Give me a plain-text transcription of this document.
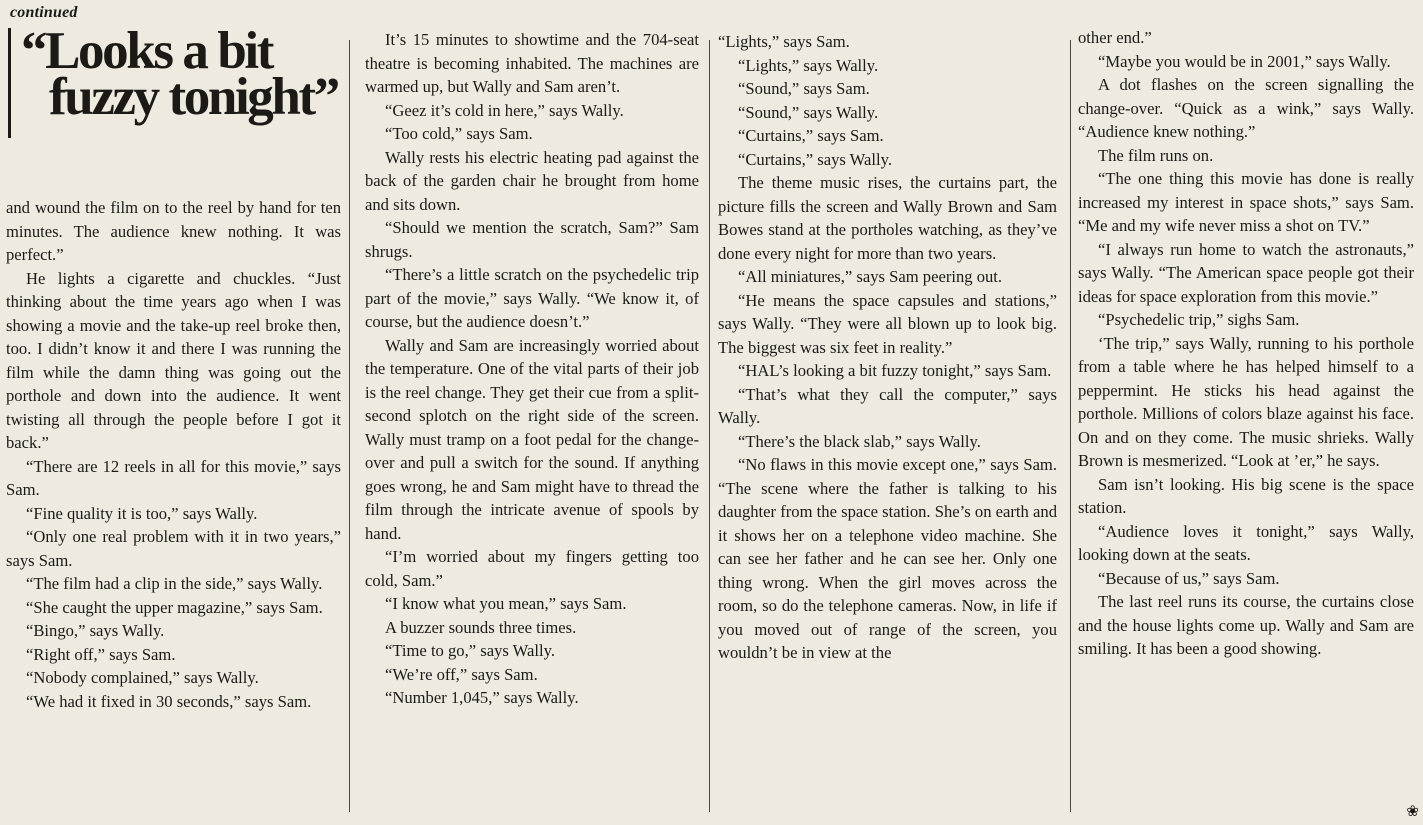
continued
“Looks a bit
fuzzy tonight”

and wound the film on to the reel by hand for ten minutes. The audience knew nothing. It was perfect.”

He lights a cigarette and chuckles. “Just thinking about the time years ago when I was showing a movie and the take-up reel broke then, too. I didn’t know it and there I was running the film while the damn thing was going out the porthole and down into the audience. It went twisting all through the people before I got it back.”

“There are 12 reels in all for this movie,” says Sam.

“Fine quality it is too,” says Wally.

“Only one real problem with it in two years,” says Sam.

“The film had a clip in the side,” says Wally.

“She caught the upper magazine,” says Sam.

“Bingo,” says Wally.

“Right off,” says Sam.

“Nobody complained,” says Wally.

“We had it fixed in 30 seconds,” says Sam.

It’s 15 minutes to showtime and the 704-seat theatre is becoming inhabited. The machines are warmed up, but Wally and Sam aren’t.

“Geez it’s cold in here,” says Wally.

“Too cold,” says Sam.

Wally rests his electric heating pad against the back of the garden chair he brought from home and sits down.

“Should we mention the scratch, Sam?” Sam shrugs.

“There’s a little scratch on the psychedelic trip part of the movie,” says Wally. “We know it, of course, but the audience doesn’t.”

Wally and Sam are increasingly worried about the temperature. One of the vital parts of their job is the reel change. They get their cue from a split-second splotch on the right side of the screen. Wally must tramp on a foot pedal for the change-over and pull a switch for the sound. If anything goes wrong, he and Sam might have to thread the film through the intricate avenue of spools by hand.

“I’m worried about my fingers getting too cold, Sam.”

“I know what you mean,” says Sam.

A buzzer sounds three times.

“Time to go,” says Wally.

“We’re off,” says Sam.

“Number 1,045,” says Wally.

“Lights,” says Sam.

“Lights,” says Wally.

“Sound,” says Sam.

“Sound,” says Wally.

“Curtains,” says Sam.

“Curtains,” says Wally.

The theme music rises, the curtains part, the picture fills the screen and Wally Brown and Sam Bowes stand at the portholes watching, as they’ve done every night for more than two years.

“All miniatures,” says Sam peering out.

“He means the space capsules and stations,” says Wally. “They were all blown up to look big. The biggest was six feet in reality.”

“HAL’s looking a bit fuzzy tonight,” says Sam.

“That’s what they call the computer,” says Wally.

“There’s the black slab,” says Wally.

“No flaws in this movie except one,” says Sam. “The scene where the father is talking to his daughter from the space station. She’s on earth and it shows her on a telephone video machine. She can see her father and he can see her. Only one thing wrong. When the girl moves across the room, so do the telephone cameras. Now, in life if you moved out of range of the screen, you wouldn’t be in view at the

other end.”

“Maybe you would be in 2001,” says Wally.

A dot flashes on the screen signalling the change-over. “Quick as a wink,” says Wally. “Audience knew nothing.”

The film runs on.

“The one thing this movie has done is really increased my interest in space shots,” says Sam. “Me and my wife never miss a shot on TV.”

“I always run home to watch the astronauts,” says Wally. “The American space people got their ideas for space exploration from this movie.”

“Psychedelic trip,” sighs Sam.

‘The trip,” says Wally, running to his porthole from a table where he has helped himself to a peppermint. He sticks his head against the porthole. Millions of colors blaze against his face. On and on they come. The music shrieks. Wally Brown is mesmerized. “Look at ’er,” he says.

Sam isn’t looking. His big scene is the space station.

“Audience loves it tonight,” says Wally, looking down at the seats.

“Because of us,” says Sam.

The last reel runs its course, the curtains close and the house lights come up. Wally and Sam are smiling. It has been a good showing.

❀
